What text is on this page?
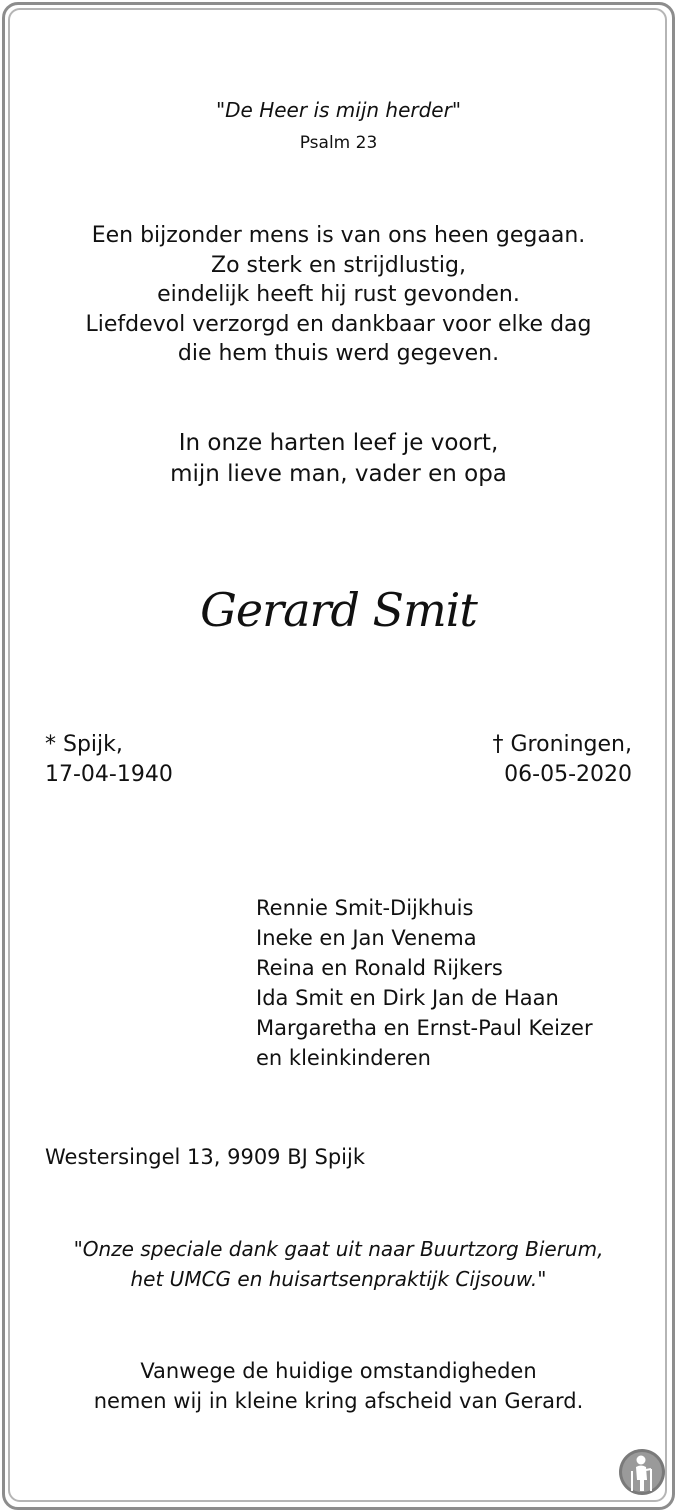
"De Heer is mijn herder"
Psalm 23
Een bijzonder mens is van ons heen gegaan.
Zo sterk en strijdlustig,
eindelijk heeft hij rust gevonden.
Liefdevol verzorgd en dankbaar voor elke dag
die hem thuis werd gegeven.
In onze harten leef je voort,
mijn lieve man, vader en opa
Gerard Smit
* Spijk,
17-04-1940
† Groningen,
06-05-2020
Rennie Smit-Dijkhuis
Ineke en Jan Venema
Reina en Ronald Rijkers
Ida Smit en Dirk Jan de Haan
Margaretha en Ernst-Paul Keizer
en kleinkinderen
Westersingel 13, 9909 BJ Spijk
"Onze speciale dank gaat uit naar Buurtzorg Bierum,
het UMCG en huisartsenpraktijk Cijsouw."
Vanwege de huidige omstandigheden
nemen wij in kleine kring afscheid van Gerard.
